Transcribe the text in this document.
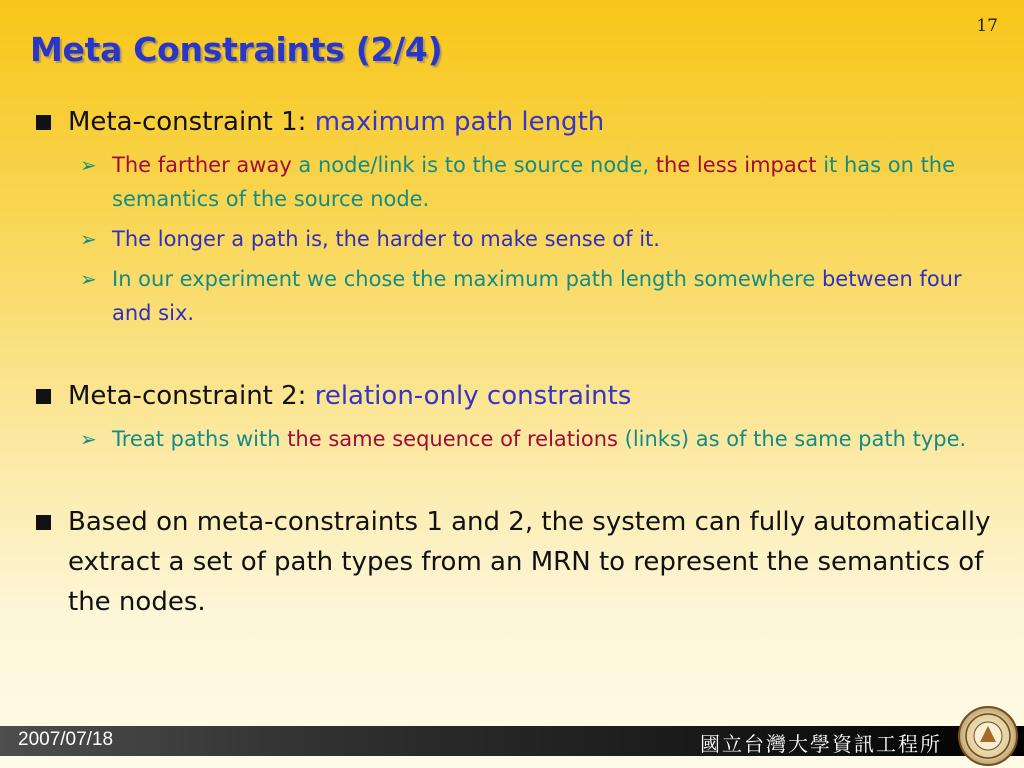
17
Meta Constraints (2/4)
Meta-constraint 1: maximum path length
➢ The farther away a node/link is to the source node, the less impact it has on the semantics of the source node.
➢ The longer a path is, the harder to make sense of it.
➢ In our experiment we chose the maximum path length somewhere between four and six.
Meta-constraint 2: relation-only constraints
➢ Treat paths with the same sequence of relations (links) as of the same path type.
Based on meta-constraints 1 and 2, the system can fully automatically extract a set of path types from an MRN to represent the semantics of the nodes.
2007/07/18	國立台灣大學資訊工程所
